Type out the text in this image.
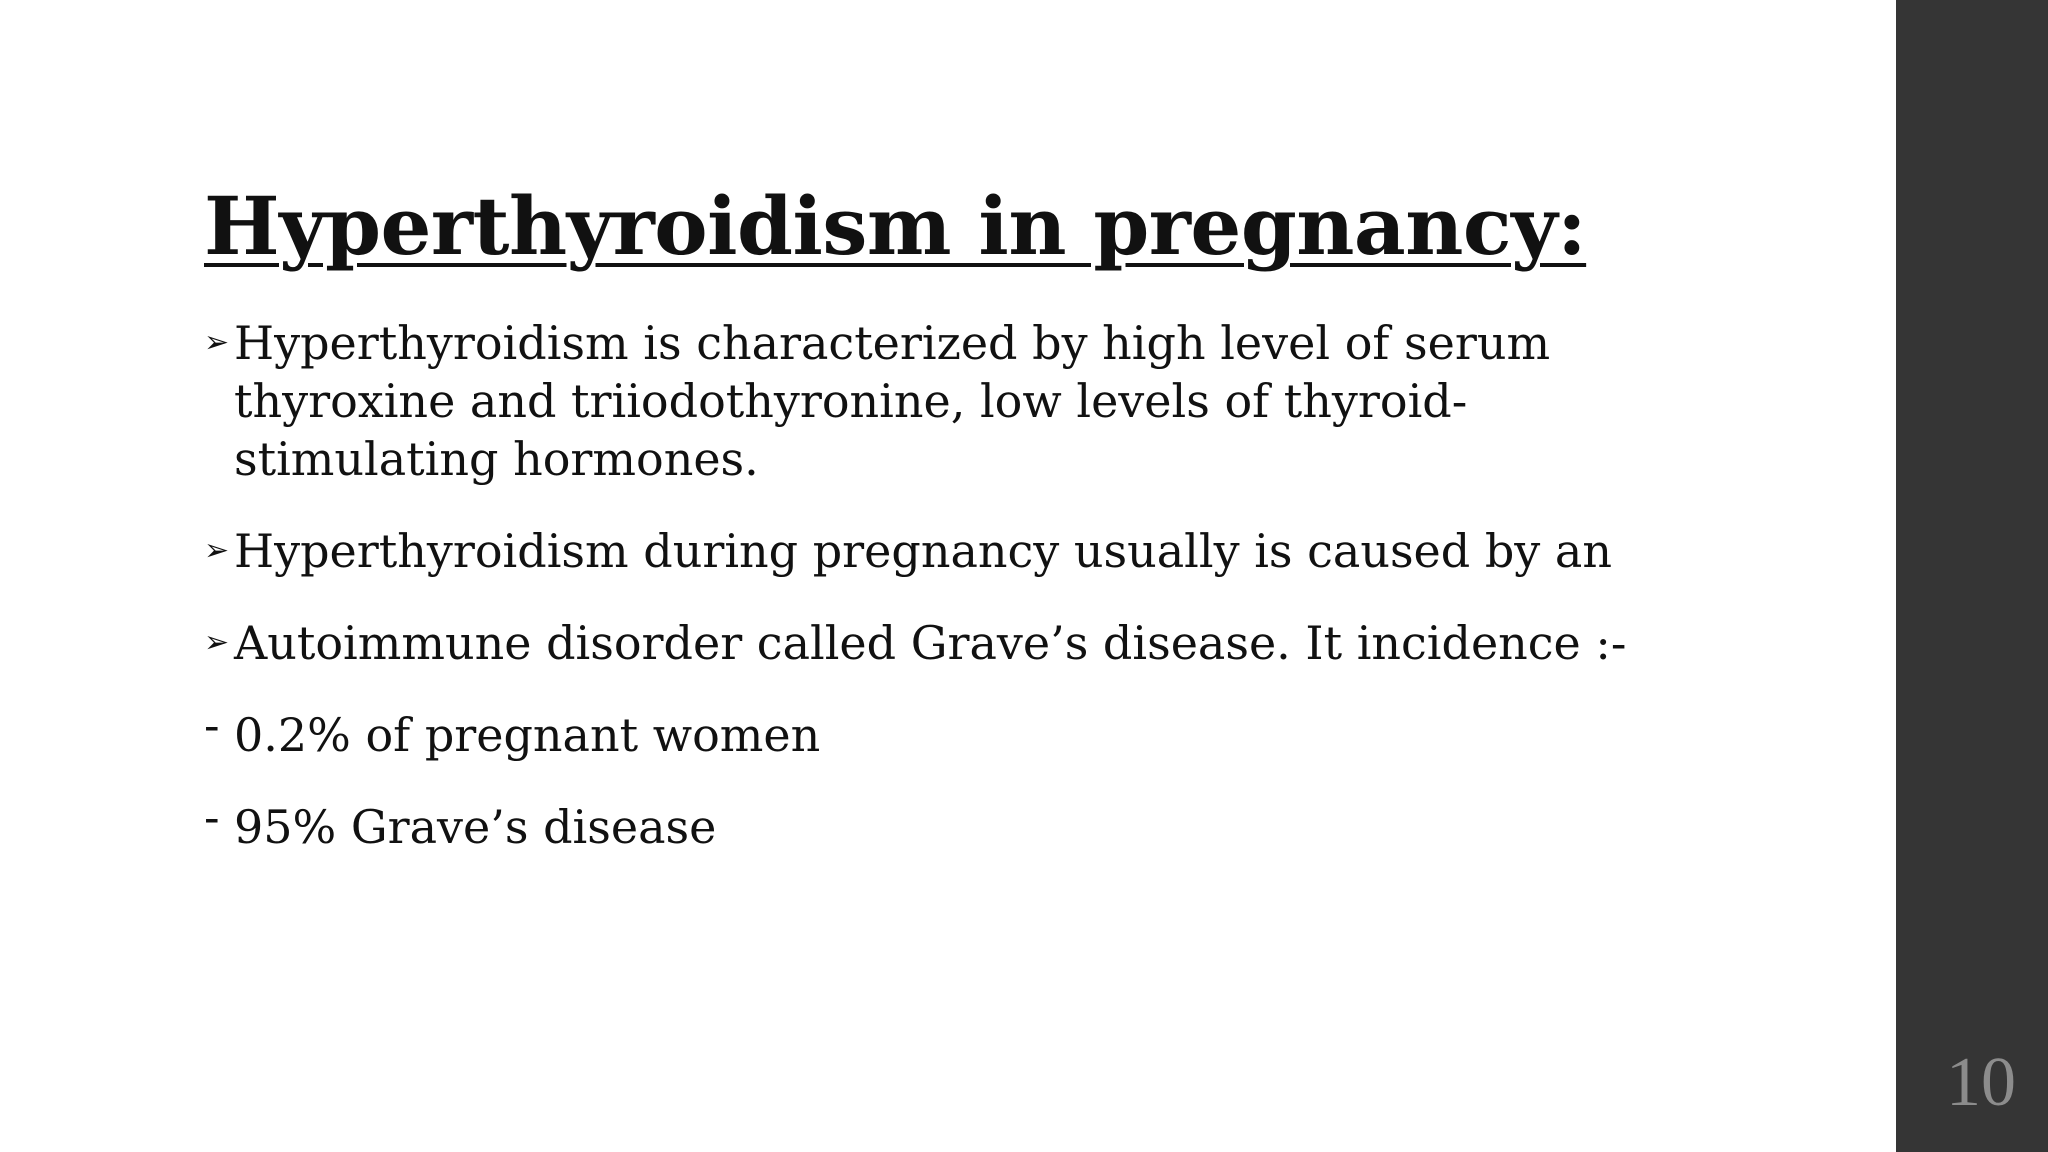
Hyperthyroidism in pregnancy:
➢ Hyperthyroidism is characterized by high level of serum thyroxine and triiodothyronine, low levels of thyroid-stimulating hormones.
➢ Hyperthyroidism during pregnancy usually is caused by an
➢ Autoimmune disorder called Grave’s disease. It incidence :-
- 0.2% of pregnant women
- 95% Grave’s disease
10
